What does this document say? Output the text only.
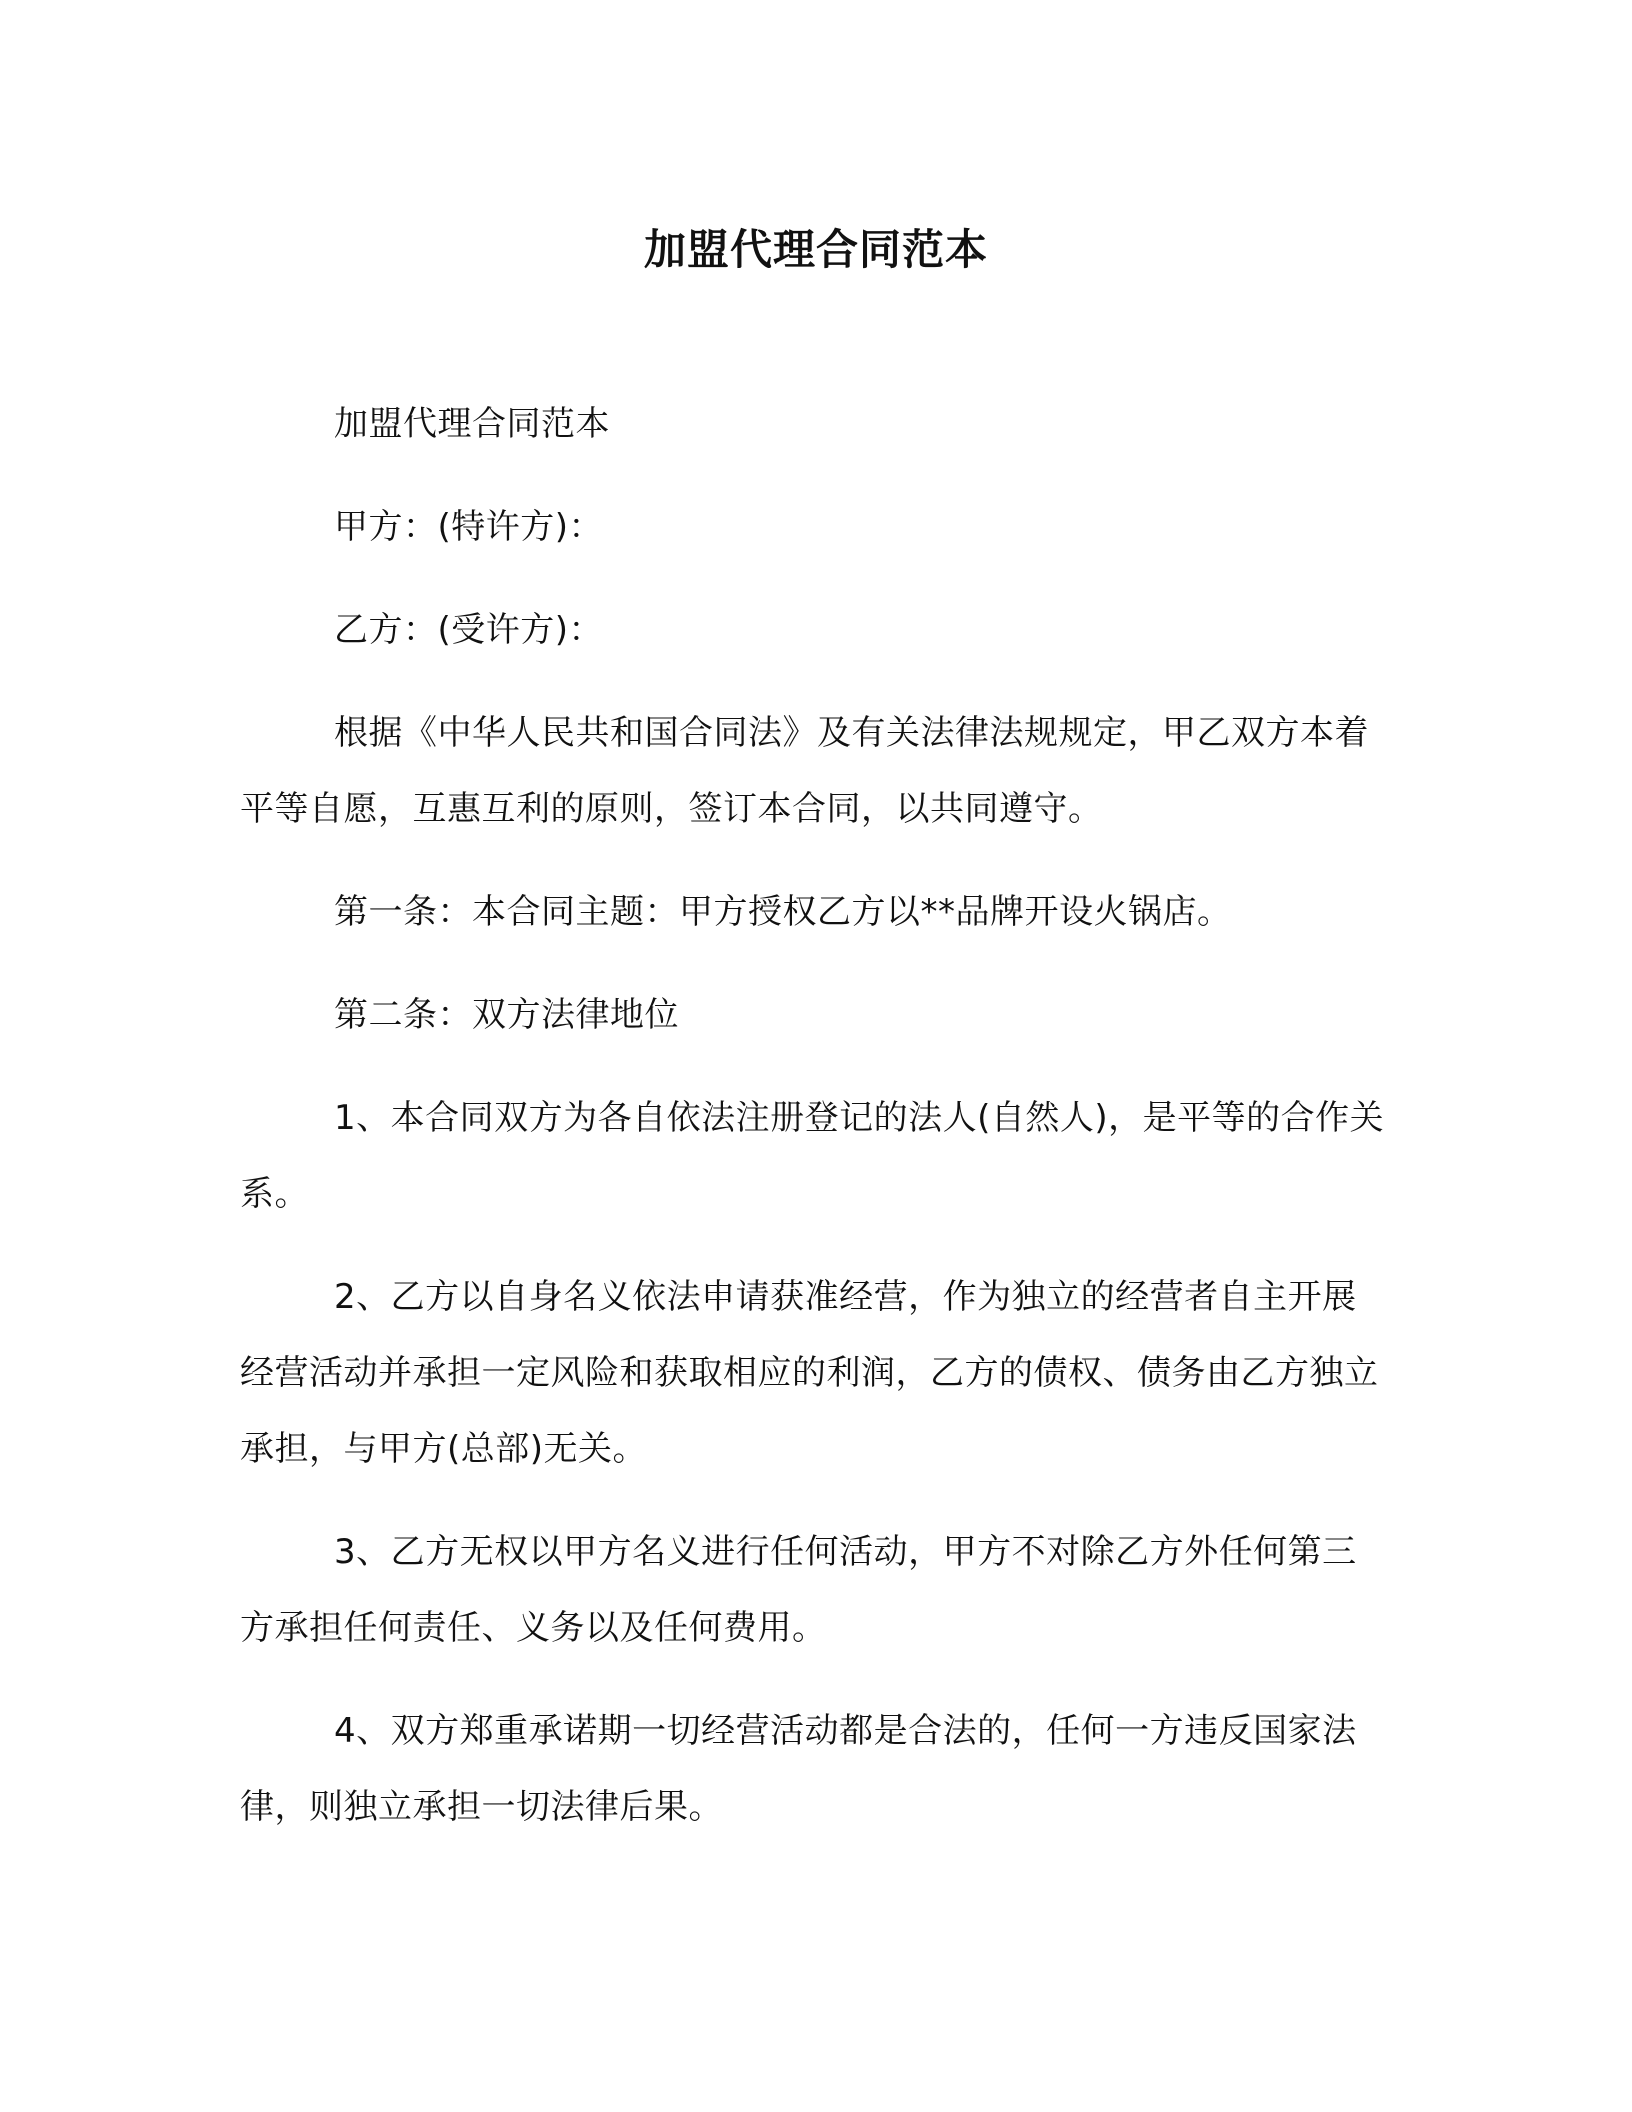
加盟代理合同范本

加盟代理合同范本

甲方：(特许方)：

乙方：(受许方)：

根据《中华人民共和国合同法》及有关法律法规规定，甲乙双方本着平等自愿，互惠互利的原则，签订本合同，以共同遵守。

第一条：本合同主题：甲方授权乙方以**品牌开设火锅店。

第二条：双方法律地位

1、本合同双方为各自依法注册登记的法人(自然人)，是平等的合作关系。

2、乙方以自身名义依法申请获准经营，作为独立的经营者自主开展经营活动并承担一定风险和获取相应的利润，乙方的债权、债务由乙方独立承担，与甲方(总部)无关。

3、乙方无权以甲方名义进行任何活动，甲方不对除乙方外任何第三方承担任何责任、义务以及任何费用。

4、双方郑重承诺期一切经营活动都是合法的，任何一方违反国家法律，则独立承担一切法律后果。
